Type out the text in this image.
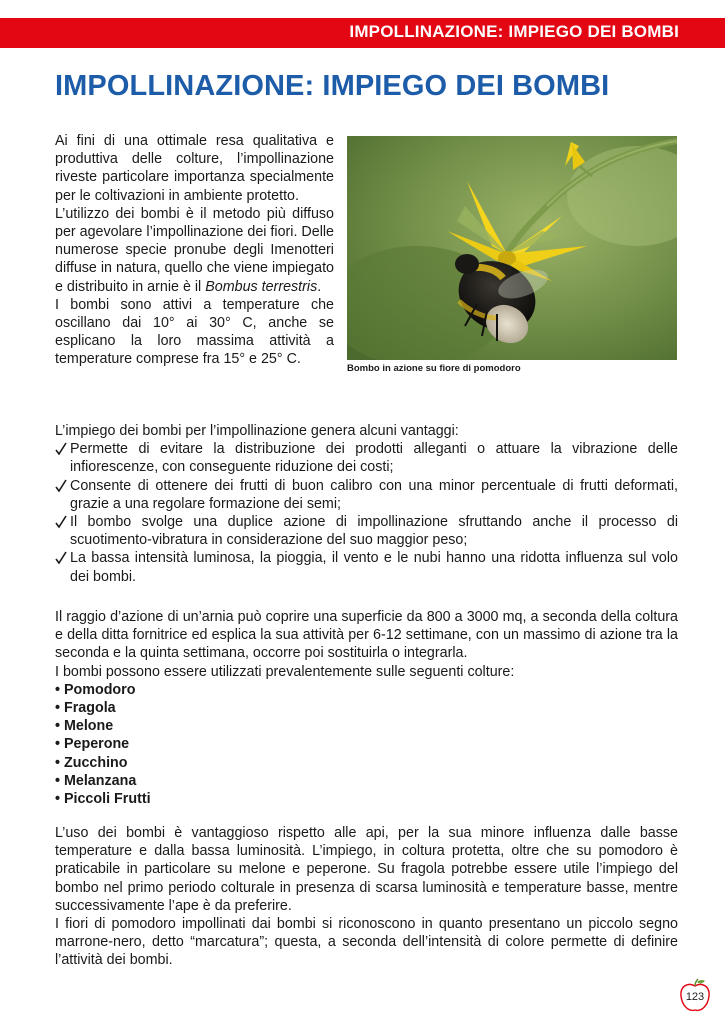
IMPOLLINAZIONE: IMPIEGO DEI BOMBI
IMPOLLINAZIONE: IMPIEGO DEI BOMBI

Ai fini di una ottimale resa qualitativa e produttiva delle colture, l’impollinazione riveste particolare importanza specialmente per le coltivazioni in ambiente protetto.

L’utilizzo dei bombi è il metodo più diffuso per agevolare l’impollinazione dei fiori. Delle numerose specie pronube degli Imenotteri diffuse in natura, quello che viene impiegato e distribuito in arnie è il Bombus terrestris.

I bombi sono attivi a temperature che oscillano dai 10° ai 30° C, anche se esplicano la loro massima attività a temperature comprese fra 15° e 25° C.

Bombo in azione su fiore di pomodoro

L’impiego dei bombi per l’impollinazione genera alcuni vantaggi:

Permette di evitare la distribuzione dei prodotti alleganti o attuare la vibrazione delle infiorescenze, con conseguente riduzione dei costi;
Consente di ottenere dei frutti di buon calibro con una minor percentuale di frutti deformati, grazie a una regolare formazione dei semi;
Il bombo svolge una duplice azione di impollinazione sfruttando anche il processo di scuotimento-vibratura in considerazione del suo maggior peso;
La bassa intensità luminosa, la pioggia, il vento e le nubi hanno una ridotta influenza sul volo dei bombi.

Il raggio d’azione di un’arnia può coprire una superficie da 800 a 3000 mq, a seconda della coltura e della ditta fornitrice ed esplica la sua attività per 6-12 settimane, con un massimo di azione tra la seconda e la quinta settimana, occorre poi sostituirla o integrarla.

I bombi possono essere utilizzati prevalentemente sulle seguenti colture:

• Pomodoro
• Fragola
• Melone
• Peperone
• Zucchino
• Melanzana
• Piccoli Frutti

L’uso dei bombi è vantaggioso rispetto alle api, per la sua minore influenza dalle basse temperature e dalla bassa luminosità. L’impiego, in coltura protetta, oltre che su pomodoro è praticabile in particolare su melone e peperone. Su fragola potrebbe essere utile l’impiego del bombo nel primo periodo colturale in presenza di scarsa luminosità e temperature basse, mentre successivamente l’ape è da preferire.

I fiori di pomodoro impollinati dai bombi si riconoscono in quanto presentano un piccolo segno marrone-nero, detto “marcatura”; questa, a seconda dell’intensità di colore permette di definire l’attività dei bombi.

123
